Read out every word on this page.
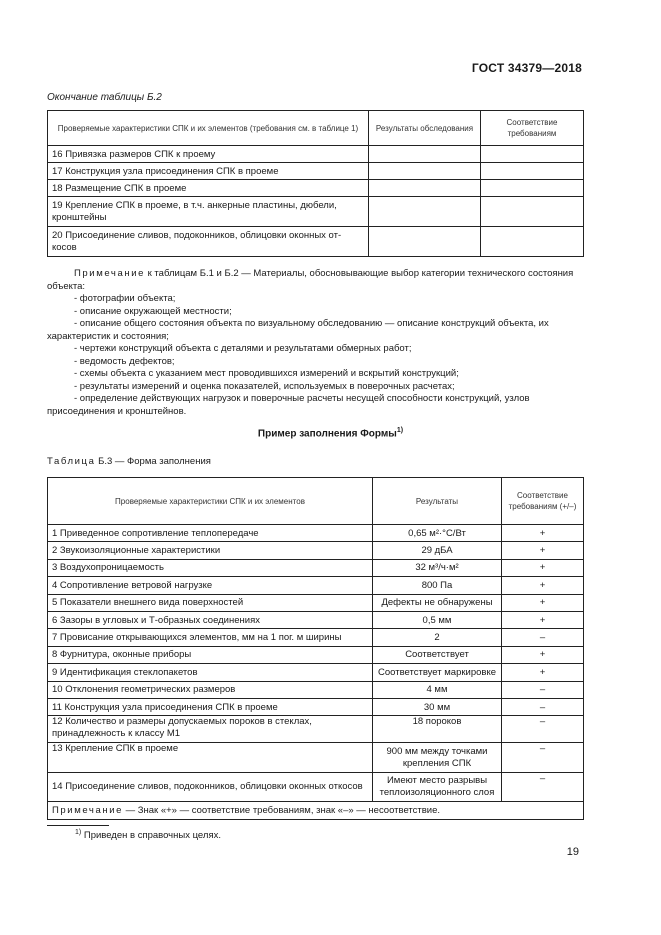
ГОСТ 34379—2018
Окончание таблицы Б.2
Проверяемые характеристики СПК и их элементов (требования см. в таблице 1)	Результаты обследования	Соответствие требованиям
16 Привязка размеров СПК к проему		
17 Конструкция узла присоединения СПК в проеме		
18 Размещение СПК в проеме		
19 Крепление СПК в проеме, в т.ч. анкерные пластины, дюбели, кронштейны		
20 Присоединение сливов, подоконников, облицовки оконных от-косов		

Примечание к таблицам Б.1 и Б.2 — Материалы, обосновывающие выбор категории технического состояния объекта:

- фотографии объекта;

- описание окружающей местности;

- описание общего состояния объекта по визуальному обследованию — описание конструкций объекта, их характеристик и состояния;

- чертежи конструкций объекта с деталями и результатами обмерных работ;

- ведомость дефектов;

- схемы объекта с указанием мест проводившихся измерений и вскрытий конструкций;

- результаты измерений и оценка показателей, используемых в поверочных расчетах;

- определение действующих нагрузок и поверочные расчеты несущей способности конструкций, узлов присоединения и кронштейнов.

Пример заполнения Формы$^{1)}$
Таблица Б.3 — Форма заполнения
Проверяемые характеристики СПК и их элементов	Результаты	Соответствие требованиям (+/–)
1 Приведенное сопротивление теплопередаче	0,65 м²·°С/Вт	+
2 Звукоизоляционные характеристики	29 дБА	+
3 Воздухопроницаемость	32 м³/ч·м²	+
4 Сопротивление ветровой нагрузке	800 Па	+
5 Показатели внешнего вида поверхностей	Дефекты не обнаружены	+
6 Зазоры в угловых и Т-образных соединениях	0,5 мм	+
7 Провисание открывающихся элементов, мм на 1 пог. м ширины	2	–
8 Фурнитура, оконные приборы	Соответствует	+
9 Идентификация стеклопакетов	Соответствует маркировке	+
10 Отклонения геометрических размеров	4 мм	–
11 Конструкция узла присоединения СПК в проеме	30 мм	–
12 Количество и размеры допускаемых пороков в стеклах, принадлежность к классу М1	18 пороков	–
13 Крепление СПК в проеме	900 мм между точками крепления СПК	–
14 Присоединение сливов, подоконников, облицовки оконных откосов	Имеют место разрывы теплоизоляционного слоя	–
Примечание — Знак «+» — соответствие требованиям, знак «–» — несоответствие.		
$^{1)}$ Приведен в справочных целях.
19
